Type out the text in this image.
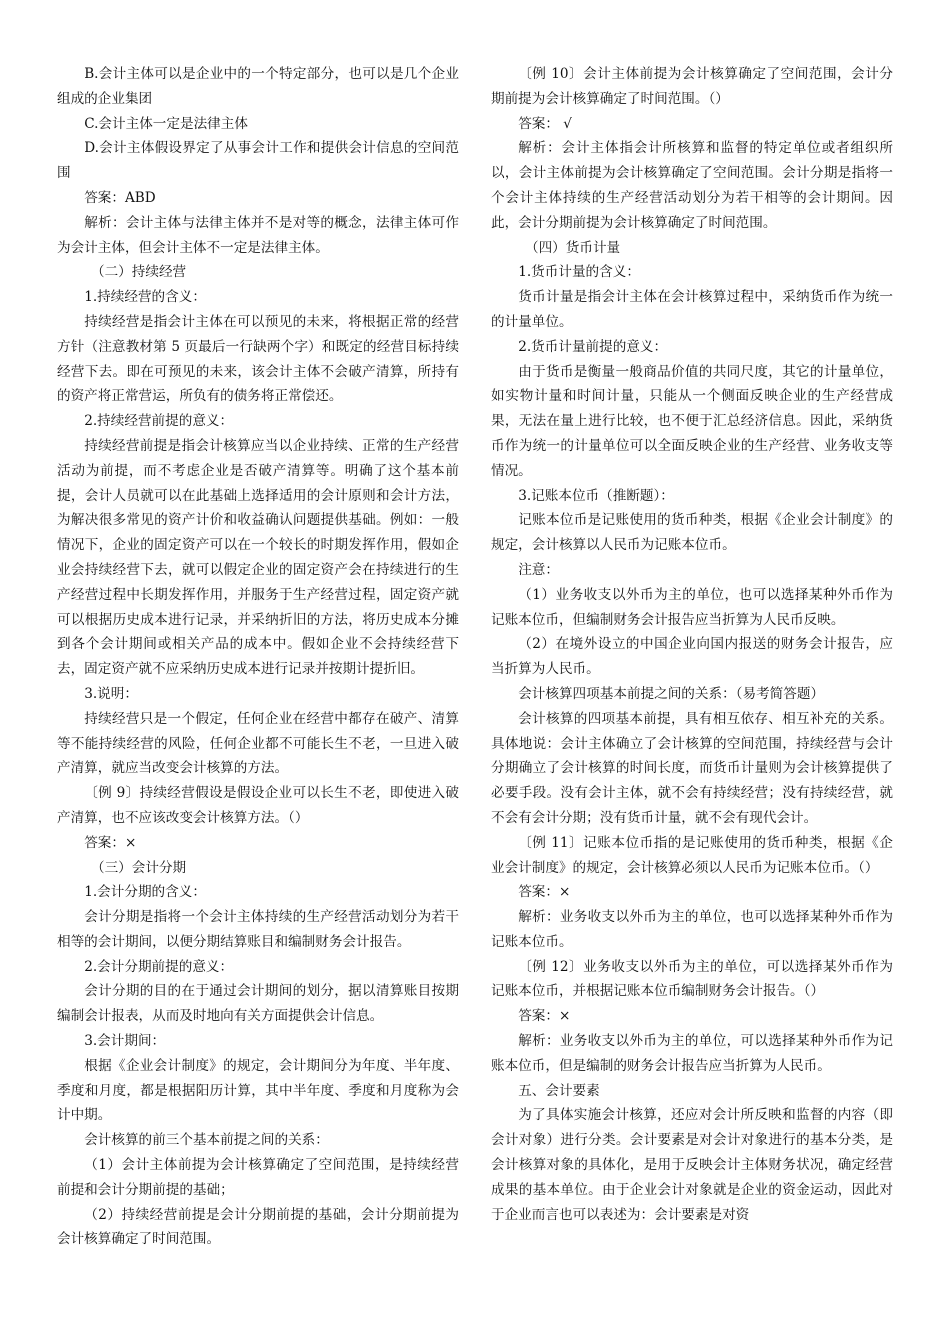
B.会计主体可以是企业中的一个特定部分，也可以是几个企业组成的企业集团

C.会计主体一定是法律主体

D.会计主体假设界定了从事会计工作和提供会计信息的空间范围

答案：ABD

解析：会计主体与法律主体并不是对等的概念，法律主体可作为会计主体，但会计主体不一定是法律主体。

（二）持续经营

1.持续经营的含义：

持续经营是指会计主体在可以预见的未来，将根据正常的经营方针（注意教材第 5 页最后一行缺两个字）和既定的经营目标持续经营下去。即在可预见的未来，该会计主体不会破产清算，所持有的资产将正常营运，所负有的债务将正常偿还。

2.持续经营前提的意义：

持续经营前提是指会计核算应当以企业持续、正常的生产经营活动为前提，而不考虑企业是否破产清算等。明确了这个基本前提，会计人员就可以在此基础上选择适用的会计原则和会计方法，为解决很多常见的资产计价和收益确认问题提供基础。例如：一般情况下，企业的固定资产可以在一个较长的时期发挥作用，假如企业会持续经营下去，就可以假定企业的固定资产会在持续进行的生产经营过程中长期发挥作用，并服务于生产经营过程，固定资产就可以根据历史成本进行记录，并采纳折旧的方法，将历史成本分摊到各个会计期间或相关产品的成本中。假如企业不会持续经营下去，固定资产就不应采纳历史成本进行记录并按期计提折旧。

3.说明：

持续经营只是一个假定，任何企业在经营中都存在破产、清算等不能持续经营的风险，任何企业都不可能长生不老，一旦进入破产清算，就应当改变会计核算的方法。

〔例 9〕持续经营假设是假设企业可以长生不老，即使进入破产清算，也不应该改变会计核算方法。（）

答案：×

（三）会计分期

1.会计分期的含义：

会计分期是指将一个会计主体持续的生产经营活动划分为若干相等的会计期间，以便分期结算账目和编制财务会计报告。

2.会计分期前提的意义：

会计分期的目的在于通过会计期间的划分，据以清算账目按期编制会计报表，从而及时地向有关方面提供会计信息。

3.会计期间：

根据《企业会计制度》的规定，会计期间分为年度、半年度、季度和月度，都是根据阳历计算，其中半年度、季度和月度称为会计中期。

会计核算的前三个基本前提之间的关系：

（1）会计主体前提为会计核算确定了空间范围，是持续经营前提和会计分期前提的基础；

（2）持续经营前提是会计分期前提的基础，会计分期前提为会计核算确定了时间范围。

〔例 10〕会计主体前提为会计核算确定了空间范围，会计分期前提为会计核算确定了时间范围。（）

答案： √

解析：会计主体指会计所核算和监督的特定单位或者组织所以，会计主体前提为会计核算确定了空间范围。会计分期是指将一个会计主体持续的生产经营活动划分为若干相等的会计期间。因此，会计分期前提为会计核算确定了时间范围。

（四）货币计量

1.货币计量的含义：

货币计量是指会计主体在会计核算过程中，采纳货币作为统一的计量单位。

2.货币计量前提的意义：

由于货币是衡量一般商品价值的共同尺度，其它的计量单位，如实物计量和时间计量，只能从一个侧面反映企业的生产经营成果，无法在量上进行比较，也不便于汇总经济信息。因此，采纳货币作为统一的计量单位可以全面反映企业的生产经营、业务收支等情况。

3.记账本位币（推断题）：

记账本位币是记账使用的货币种类，根据《企业会计制度》的规定，会计核算以人民币为记账本位币。

注意：

（1）业务收支以外币为主的单位，也可以选择某种外币作为记账本位币，但编制财务会计报告应当折算为人民币反映。

（2）在境外设立的中国企业向国内报送的财务会计报告，应当折算为人民币。

会计核算四项基本前提之间的关系：（易考简答题）

会计核算的四项基本前提，具有相互依存、相互补充的关系。具体地说：会计主体确立了会计核算的空间范围，持续经营与会计分期确立了会计核算的时间长度，而货币计量则为会计核算提供了必要手段。没有会计主体，就不会有持续经营；没有持续经营，就不会有会计分期；没有货币计量，就不会有现代会计。

〔例 11〕记账本位币指的是记账使用的货币种类，根据《企业会计制度》的规定，会计核算必须以人民币为记账本位币。（）

答案：×

解析：业务收支以外币为主的单位，也可以选择某种外币作为记账本位币。

〔例 12〕业务收支以外币为主的单位，可以选择某外币作为记账本位币，并根据记账本位币编制财务会计报告。（）

答案：×

解析：业务收支以外币为主的单位，可以选择某种外币作为记账本位币，但是编制的财务会计报告应当折算为人民币。

五、会计要素

为了具体实施会计核算，还应对会计所反映和监督的内容（即会计对象）进行分类。会计要素是对会计对象进行的基本分类，是会计核算对象的具体化，是用于反映会计主体财务状况，确定经营成果的基本单位。由于企业会计对象就是企业的资金运动，因此对于企业而言也可以表述为：会计要素是对资
